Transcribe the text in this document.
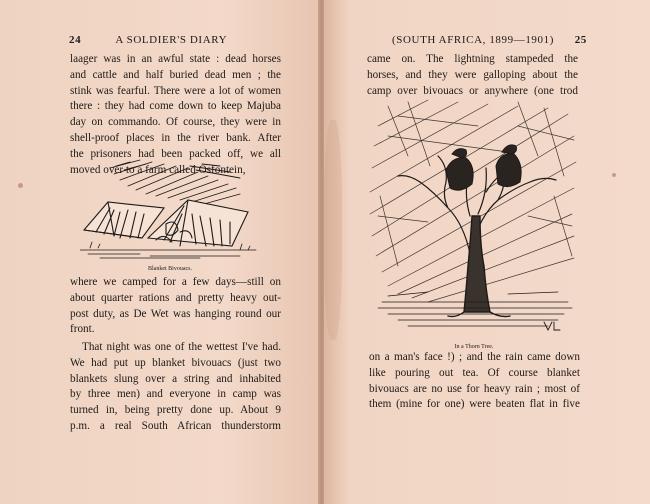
24	A SOLDIER'S DIARY
laager was in an awful state : dead horses
and cattle and half buried dead men ; the
stink was fearful. There were a lot of women
there : they had come down to keep Majuba
day on commando. Of course, they were in
shell-proof places in the river bank. After
the prisoners had been packed off, we all
moved over to a farm called Osfontein,
Blanket Bivouacs.
where we camped for a few days—still on
about quarter rations and pretty heavy out-
post duty, as De Wet was hanging round our
front.
That night was one of the wettest I've had.
We had put up blanket bivouacs (just two
blankets slung over a string and inhabited
by three men) and everyone in camp was
turned in, being pretty done up. About 9
p.m. a real South African thunderstorm
(SOUTH AFRICA, 1899—1901) 25
came on. The lightning stampeded the
horses, and they were galloping about the
camp over bivouacs or anywhere (one trod
In a Thorn Tree.
on a man's face !) ; and the rain came down
like pouring out tea. Of course blanket
bivouacs are no use for heavy rain ; most of
them (mine for one) were beaten flat in five
